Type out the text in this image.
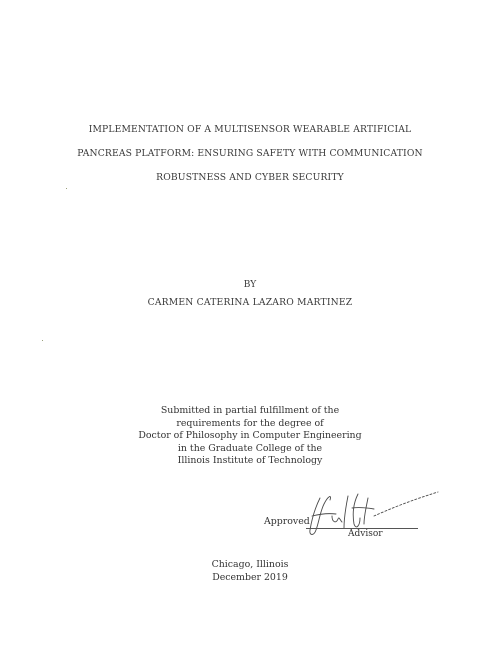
IMPLEMENTATION OF A MULTISENSOR WEARABLE ARTIFICIAL
PANCREAS PLATFORM: ENSURING SAFETY WITH COMMUNICATION
ROBUSTNESS AND CYBER SECURITY
BY
CARMEN CATERINA LAZARO MARTINEZ
Submitted in partial fulfillment of the
requirements for the degree of
Doctor of Philosophy in Computer Engineering
in the Graduate College of the
Illinois Institute of Technology
Approved
Advisor
Chicago, Illinois
December 2019
